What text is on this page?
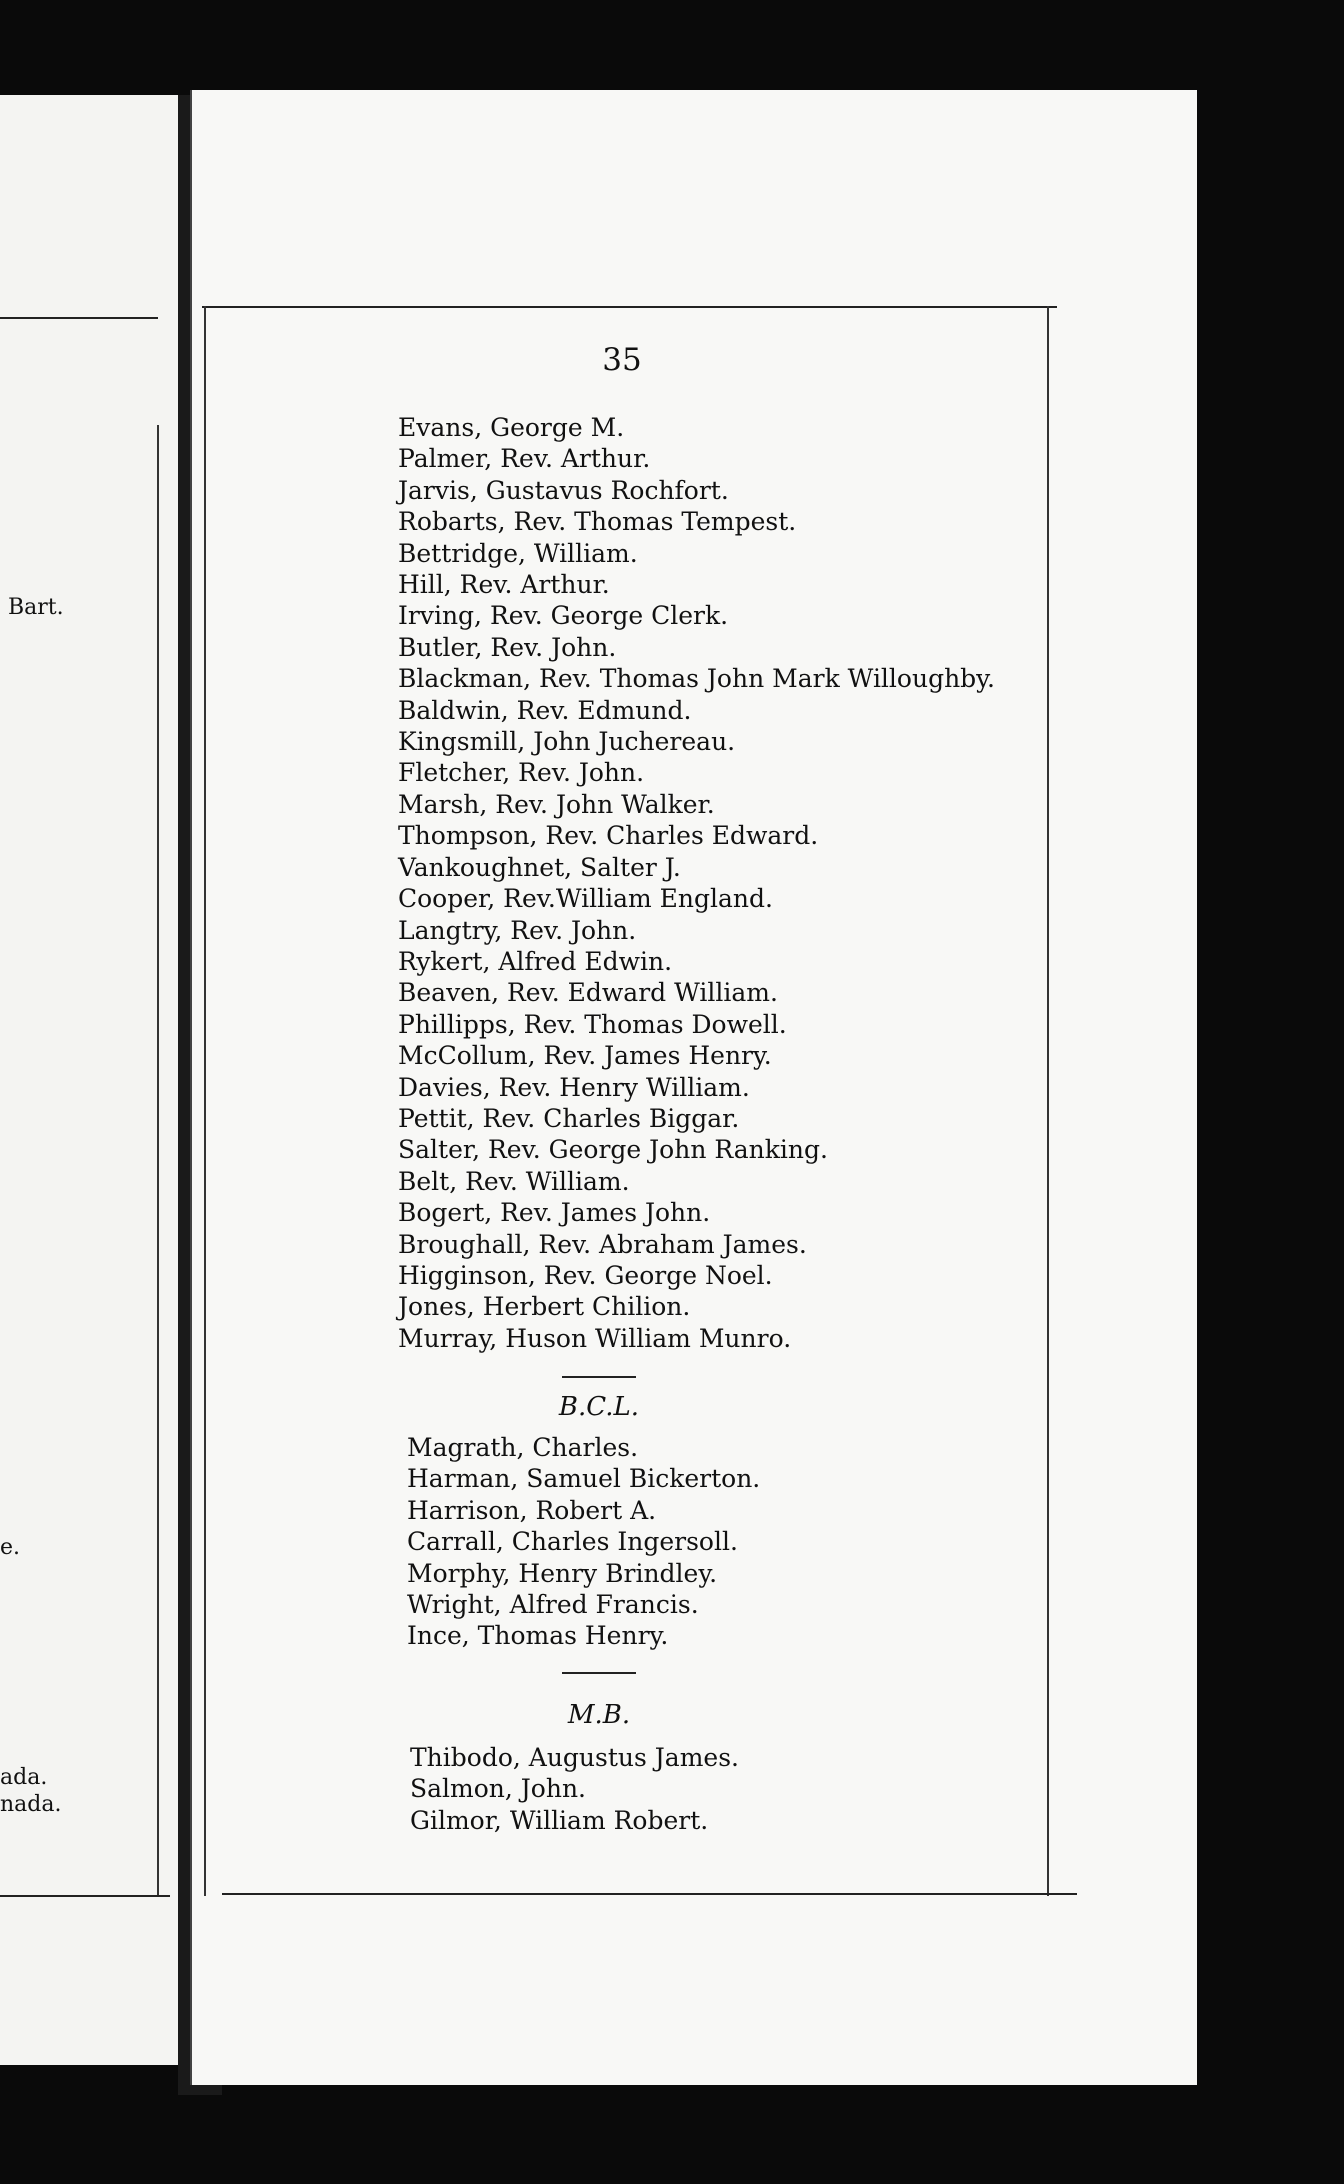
Bart.
e.
ada.
nada.
35
Evans, George M.
Palmer, Rev. Arthur.
Jarvis, Gustavus Rochfort.
Robarts, Rev. Thomas Tempest.
Bettridge, William.
Hill, Rev. Arthur.
Irving, Rev. George Clerk.
Butler, Rev. John.
Blackman, Rev. Thomas John Mark Willoughby.
Baldwin, Rev. Edmund.
Kingsmill, John Juchereau.
Fletcher, Rev. John.
Marsh, Rev. John Walker.
Thompson, Rev. Charles Edward.
Vankoughnet, Salter J.
Cooper, Rev.William England.
Langtry, Rev. John.
Rykert, Alfred Edwin.
Beaven, Rev. Edward William.
Phillipps, Rev. Thomas Dowell.
McCollum, Rev. James Henry.
Davies, Rev. Henry William.
Pettit, Rev. Charles Biggar.
Salter, Rev. George John Ranking.
Belt, Rev. William.
Bogert, Rev. James John.
Broughall, Rev. Abraham James.
Higginson, Rev. George Noel.
Jones, Herbert Chilion.
Murray, Huson William Munro.
B.C.L.
Magrath, Charles.
Harman, Samuel Bickerton.
Harrison, Robert A.
Carrall, Charles Ingersoll.
Morphy, Henry Brindley.
Wright, Alfred Francis.
Ince, Thomas Henry.
M.B.
Thibodo, Augustus James.
Salmon, John.
Gilmor, William Robert.
